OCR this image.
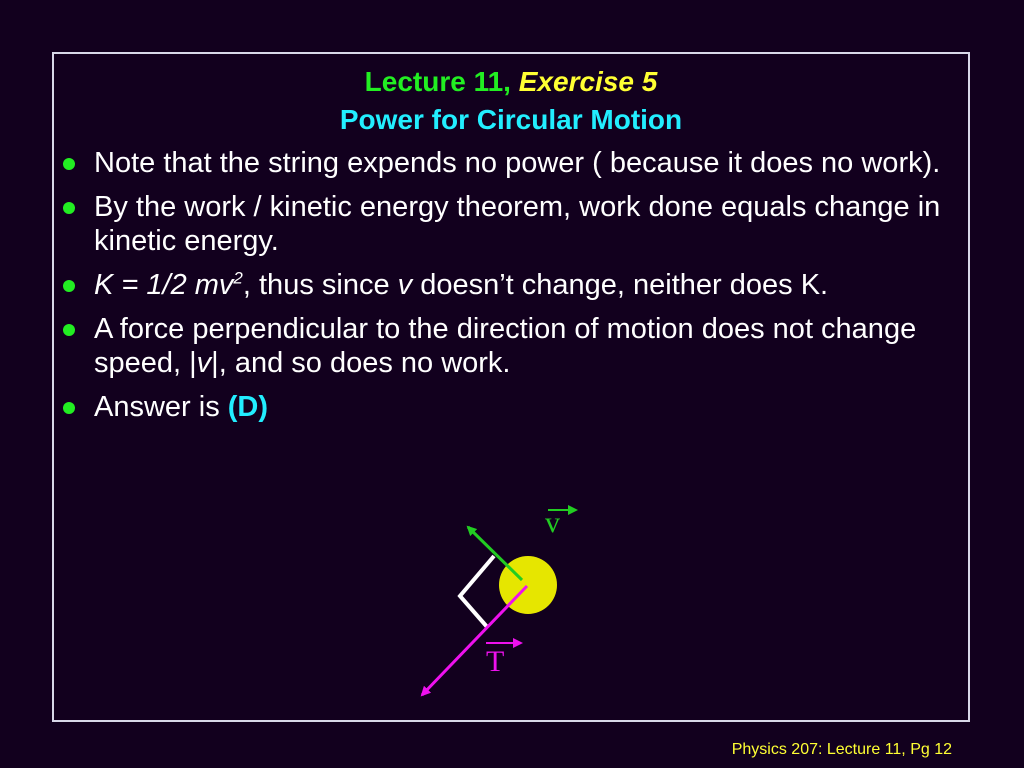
Lecture 11, Exercise 5
Power for Circular Motion
Note that the string expends no power ( because it does no work).
By the work / kinetic energy theorem, work done equals change in kinetic energy.
K = 1/2 $mv^2$, thus since v doesn’t change, neither does K.
A force perpendicular to the direction of motion does not change speed, |v|, and so does no work.
Answer is (D)
v
T
Physics 207: Lecture 11, Pg 12
